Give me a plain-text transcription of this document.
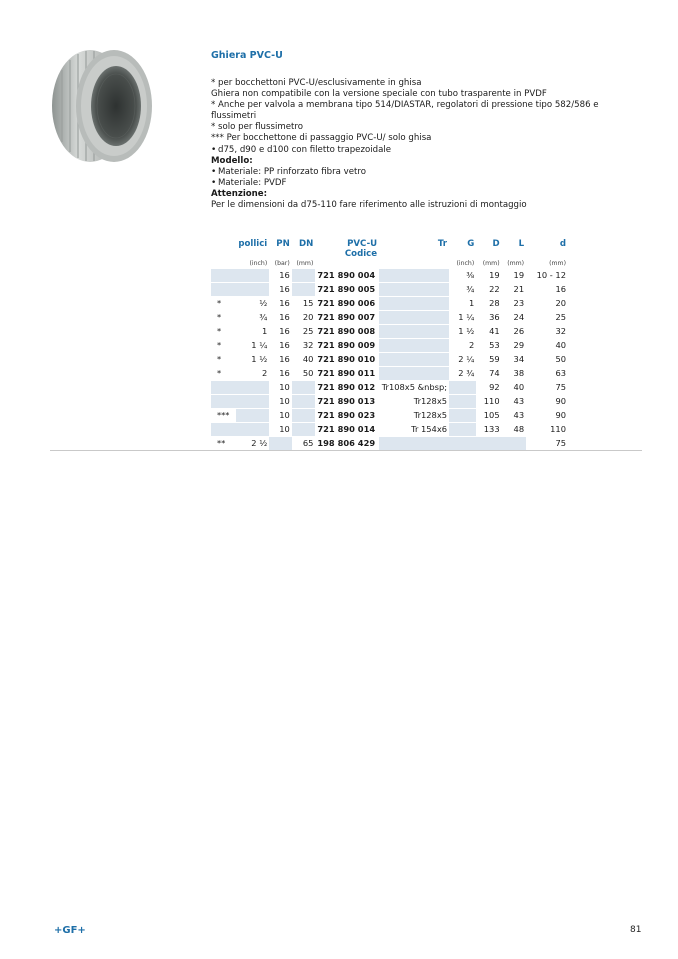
Ghiera PVC-U
* per bocchettoni PVC-U/esclusivamente in ghisa
Ghiera non compatibile con la versione speciale con tubo trasparente in PVDF
* Anche per valvola a membrana tipo 514/DIASTAR, regolatori di pressione tipo 582/586 e
flussimetri
* solo per flussimetro
*** Per bocchettone di passaggio PVC-U/ solo ghisa
• d75, d90 e d100 con filetto trapezoidale
Modello:
• Materiale: PP rinforzato fibra vetro
• Materiale: PVDF
Attenzione:
Per le dimensioni da d75-110 fare riferimento alle istruzioni di montaggio
	pollici	PN	DN	PVC-U	Tr	G	D	L	d
				Codice					
	(inch)	(bar)	(mm)			(inch)	(mm)	(mm)	(mm)
		16		721 890 004		⅜	19	19	10 - 12
		16		721 890 005		¾	22	21	16
*	½	16	15	721 890 006		1	28	23	20
*	¾	16	20	721 890 007		1 ¼	36	24	25
*	1	16	25	721 890 008		1 ½	41	26	32
*	1 ¼	16	32	721 890 009		2	53	29	40
*	1 ½	16	40	721 890 010		2 ¼	59	34	50
*	2	16	50	721 890 011		2 ¾	74	38	63
		10		721 890 012	Tr108x5 &nbsp;		92	40	75
		10		721 890 013	Tr128x5		110	43	90
***		10		721 890 023	Tr128x5		105	43	90
		10		721 890 014	Tr 154x6		133	48	110
**	2 ½		65	198 806 429					75
+GF+	81
